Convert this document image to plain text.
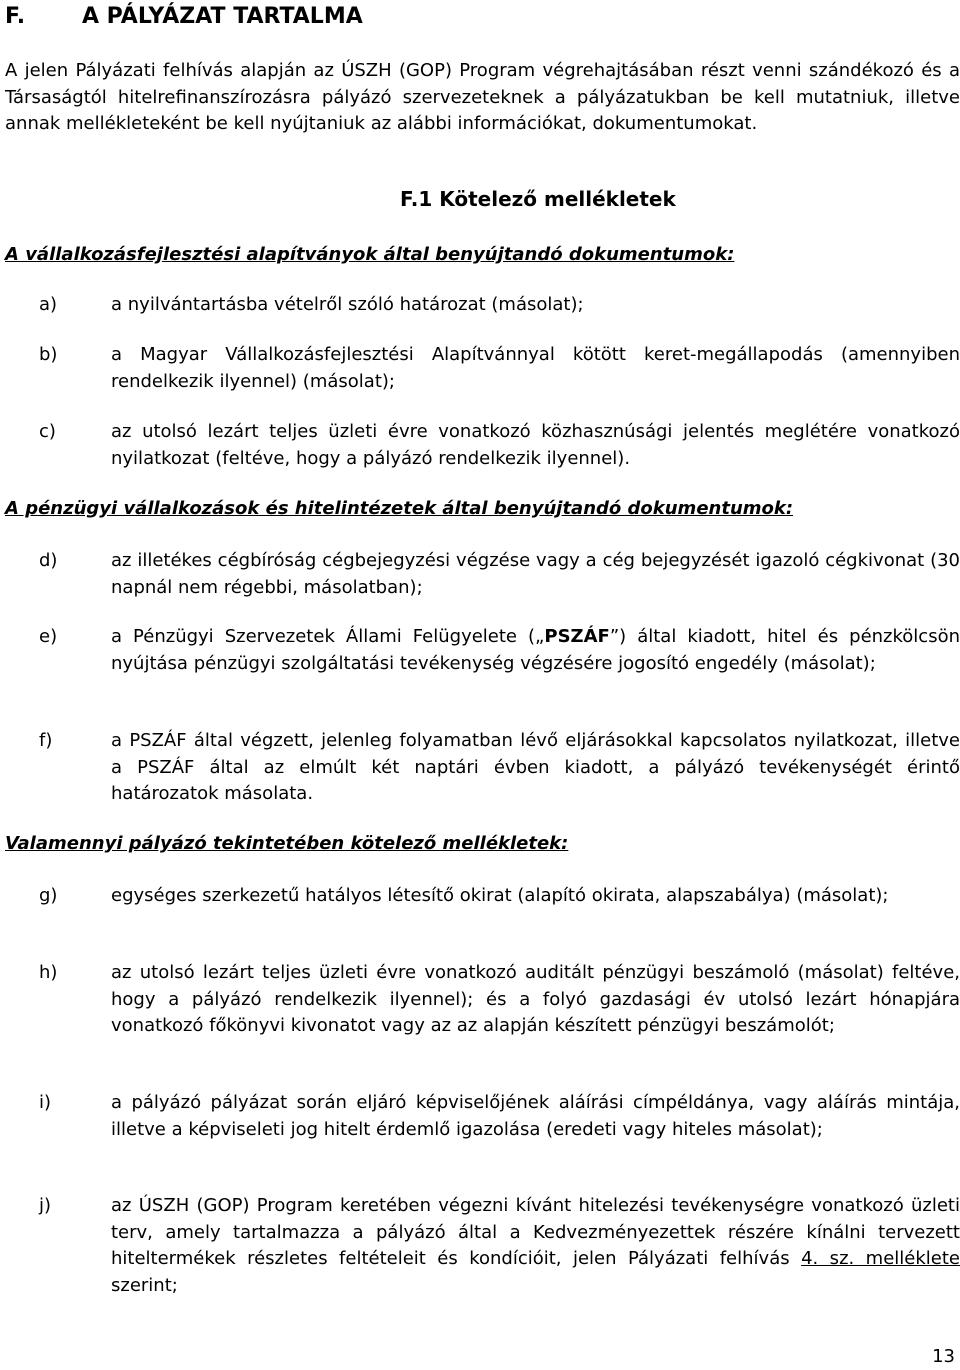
F.	A PÁLYÁZAT TARTALMA

A jelen Pályázati felhívás alapján az ÚSZH (GOP) Program végrehajtásában részt venni szándékozó és a Társaságtól hitelrefinanszírozásra pályázó szervezeteknek a pályázatukban be kell mutatniuk, illetve annak mellékleteként be kell nyújtaniuk az alábbi információkat, dokumentumokat.

F.1 Kötelező mellékletek
A vállalkozásfejlesztési alapítványok által benyújtandó dokumentumok:
a)	a nyilvántartásba vételről szóló határozat (másolat);
b)	a Magyar Vállalkozásfejlesztési Alapítvánnyal kötött keret-megállapodás (amennyiben rendelkezik ilyennel) (másolat);
c)	az utolsó lezárt teljes üzleti évre vonatkozó közhasznúsági jelentés meglétére vonatkozó nyilatkozat (feltéve, hogy a pályázó rendelkezik ilyennel).
A pénzügyi vállalkozások és hitelintézetek által benyújtandó dokumentumok:
d)	az illetékes cégbíróság cégbejegyzési végzése vagy a cég bejegyzését igazoló cégkivonat (30 napnál nem régebbi, másolatban);
e)	a Pénzügyi Szervezetek Állami Felügyelete („PSZÁF”) által kiadott, hitel és pénzkölcsön nyújtása pénzügyi szolgáltatási tevékenység végzésére jogosító engedély (másolat);
f)	a PSZÁF által végzett, jelenleg folyamatban lévő eljárásokkal kapcsolatos nyilatkozat, illetve a PSZÁF által az elmúlt két naptári évben kiadott, a pályázó tevékenységét érintő határozatok másolata.
Valamennyi pályázó tekintetében kötelező mellékletek:
g)	egységes szerkezetű hatályos létesítő okirat (alapító okirata, alapszabálya) (másolat);
h)	az utolsó lezárt teljes üzleti évre vonatkozó auditált pénzügyi beszámoló (másolat) feltéve, hogy a pályázó rendelkezik ilyennel); és a folyó gazdasági év utolsó lezárt hónapjára vonatkozó főkönyvi kivonatot vagy az az alapján készített pénzügyi beszámolót;
i)	a pályázó pályázat során eljáró képviselőjének aláírási címpéldánya, vagy aláírás mintája, illetve a képviseleti jog hitelt érdemlő igazolása (eredeti vagy hiteles másolat);
j)	az ÚSZH (GOP) Program keretében végezni kívánt hitelezési tevékenységre vonatkozó üzleti terv, amely tartalmazza a pályázó által a Kedvezményezettek részére kínálni tervezett hiteltermékek részletes feltételeit és kondícióit, jelen Pályázati felhívás 4. sz. melléklete szerint;
13
